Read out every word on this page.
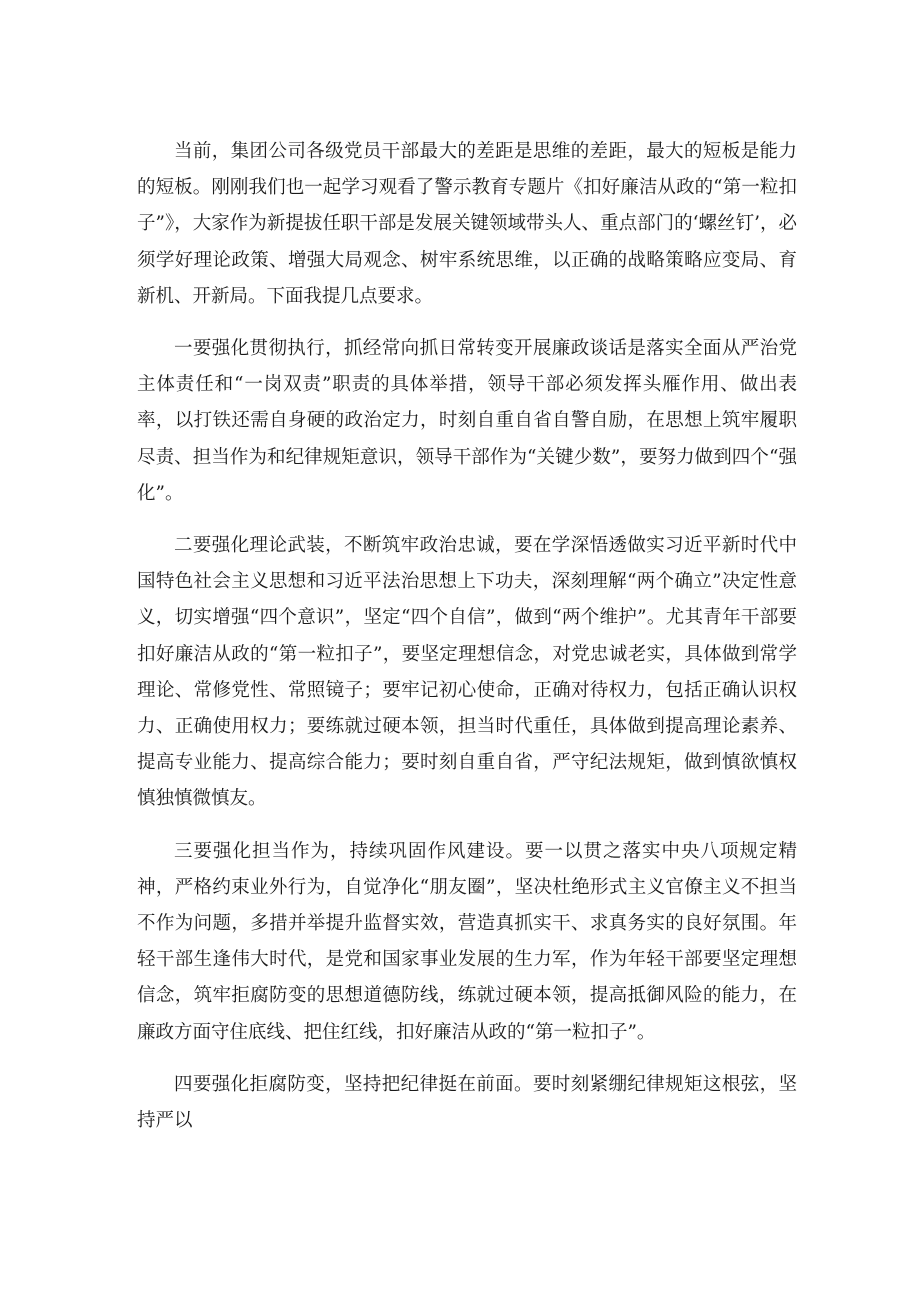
当前，集团公司各级党员干部最大的差距是思维的差距，最大的短板是能力的短板。刚刚我们也一起学习观看了警示教育专题片《扣好廉洁从政的“第一粒扣子”》，大家作为新提拔任职干部是发展关键领域带头人、重点部门的‘螺丝钉’，必须学好理论政策、增强大局观念、树牢系统思维，以正确的战略策略应变局、育新机、开新局。下面我提几点要求。

一要强化贯彻执行，抓经常向抓日常转变开展廉政谈话是落实全面从严治党主体责任和“一岗双责”职责的具体举措，领导干部必须发挥头雁作用、做出表率，以打铁还需自身硬的政治定力，时刻自重自省自警自励，在思想上筑牢履职尽责、担当作为和纪律规矩意识，领导干部作为“关键少数”，要努力做到四个“强化”。

二要强化理论武装，不断筑牢政治忠诚，要在学深悟透做实习近平新时代中国特色社会主义思想和习近平法治思想上下功夫，深刻理解“两个确立”决定性意义，切实增强“四个意识”，坚定“四个自信”，做到“两个维护”。尤其青年干部要扣好廉洁从政的“第一粒扣子”，要坚定理想信念，对党忠诚老实，具体做到常学理论、常修党性、常照镜子；要牢记初心使命，正确对待权力，包括正确认识权力、正确使用权力；要练就过硬本领，担当时代重任，具体做到提高理论素养、提高专业能力、提高综合能力；要时刻自重自省，严守纪法规矩，做到慎欲慎权慎独慎微慎友。

三要强化担当作为，持续巩固作风建设。要一以贯之落实中央八项规定精神，严格约束业外行为，自觉净化“朋友圈”，坚决杜绝形式主义官僚主义不担当不作为问题，多措并举提升监督实效，营造真抓实干、求真务实的良好氛围。年轻干部生逢伟大时代，是党和国家事业发展的生力军，作为年轻干部要坚定理想信念，筑牢拒腐防变的思想道德防线，练就过硬本领，提高抵御风险的能力，在廉政方面守住底线、把住红线，扣好廉洁从政的“第一粒扣子”。

四要强化拒腐防变，坚持把纪律挺在前面。要时刻紧绷纪律规矩这根弦，坚持严以
